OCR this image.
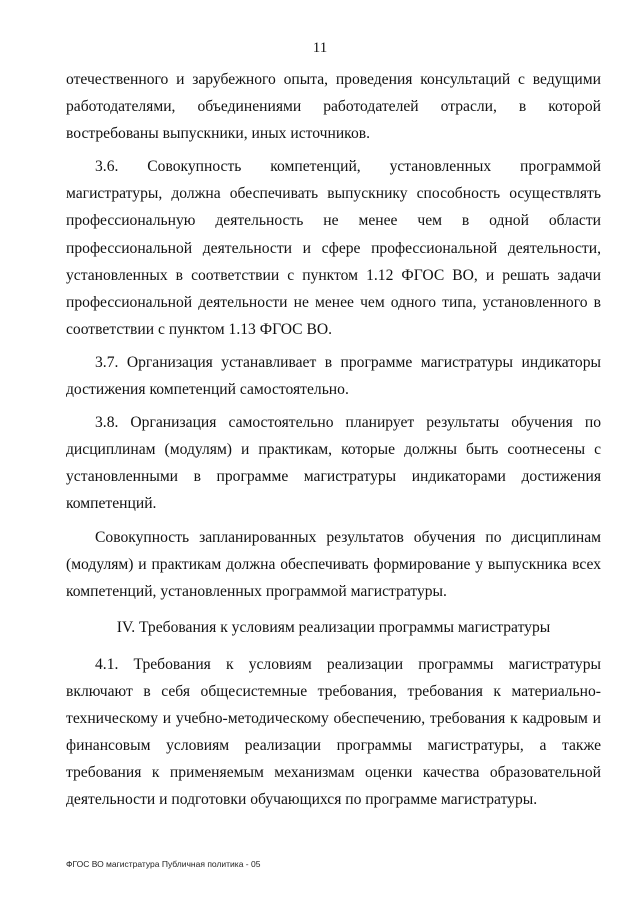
11

отечественного и зарубежного опыта, проведения консультаций с ведущими работодателями, объединениями работодателей отрасли, в которой востребованы выпускники, иных источников.

3.6. Совокупность компетенций, установленных программой магистратуры, должна обеспечивать выпускнику способность осуществлять профессиональную деятельность не менее чем в одной области профессиональной деятельности и сфере профессиональной деятельности, установленных в соответствии с пунктом 1.12 ФГОС ВО, и решать задачи профессиональной деятельности не менее чем одного типа, установленного в соответствии с пунктом 1.13 ФГОС ВО.

3.7. Организация устанавливает в программе магистратуры индикаторы достижения компетенций самостоятельно.

3.8. Организация самостоятельно планирует результаты обучения по дисциплинам (модулям) и практикам, которые должны быть соотнесены с установленными в программе магистратуры индикаторами достижения компетенций.

Совокупность запланированных результатов обучения по дисциплинам (модулям) и практикам должна обеспечивать формирование у выпускника всех компетенций, установленных программой магистратуры.

IV. Требования к условиям реализации программы магистратуры

4.1. Требования к условиям реализации программы магистратуры включают в себя общесистемные требования, требования к материально-техническому и учебно-методическому обеспечению, требования к кадровым и финансовым условиям реализации программы магистратуры, а также требования к применяемым механизмам оценки качества образовательной деятельности и подготовки обучающихся по программе магистратуры.

ФГОС ВО магистратура Публичная политика - 05
